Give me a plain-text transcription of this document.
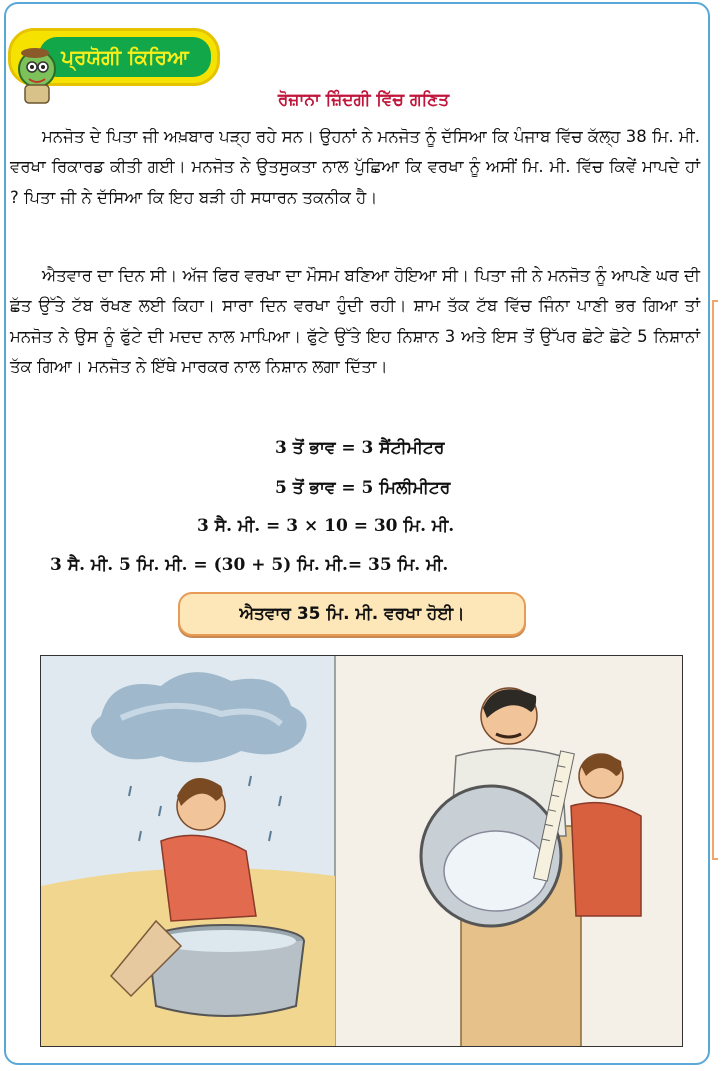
ਪ੍ਰਯੋਗੀ ਕਿਰਿਆ
ਰੋਜ਼ਾਨਾ ਜ਼ਿੰਦਗੀ ਵਿੱਚ ਗਣਿਤ
ਮਨਜੋਤ ਦੇ ਪਿਤਾ ਜੀ ਅਖ਼ਬਾਰ ਪੜ੍ਹ ਰਹੇ ਸਨ। ਉਹਨਾਂ ਨੇ ਮਨਜੋਤ ਨੂੰ ਦੱਸਿਆ ਕਿ ਪੰਜਾਬ ਵਿੱਚ ਕੱਲ੍ਹ 38 ਮਿ. ਮੀ. ਵਰਖਾ ਰਿਕਾਰਡ ਕੀਤੀ ਗਈ। ਮਨਜੋਤ ਨੇ ਉਤਸੁਕਤਾ ਨਾਲ ਪੁੱਛਿਆ ਕਿ ਵਰਖਾ ਨੂੰ ਅਸੀਂ ਮਿ. ਮੀ. ਵਿੱਚ ਕਿਵੇਂ ਮਾਪਦੇ ਹਾਂ ? ਪਿਤਾ ਜੀ ਨੇ ਦੱਸਿਆ ਕਿ ਇਹ ਬੜੀ ਹੀ ਸਧਾਰਨ ਤਕਨੀਕ ਹੈ।
ਐਤਵਾਰ ਦਾ ਦਿਨ ਸੀ। ਅੱਜ ਫਿਰ ਵਰਖਾ ਦਾ ਮੌਸਮ ਬਣਿਆ ਹੋਇਆ ਸੀ। ਪਿਤਾ ਜੀ ਨੇ ਮਨਜੋਤ ਨੂੰ ਆਪਣੇ ਘਰ ਦੀ ਛੱਤ ਉੱਤੇ ਟੱਬ ਰੱਖਣ ਲਈ ਕਿਹਾ। ਸਾਰਾ ਦਿਨ ਵਰਖਾ ਹੁੰਦੀ ਰਹੀ। ਸ਼ਾਮ ਤੱਕ ਟੱਬ ਵਿੱਚ ਜਿੰਨਾ ਪਾਣੀ ਭਰ ਗਿਆ ਤਾਂ ਮਨਜੋਤ ਨੇ ਉਸ ਨੂੰ ਫੁੱਟੇ ਦੀ ਮਦਦ ਨਾਲ ਮਾਪਿਆ। ਫੁੱਟੇ ਉੱਤੇ ਇਹ ਨਿਸ਼ਾਨ 3 ਅਤੇ ਇਸ ਤੋਂ ਉੱਪਰ ਛੋਟੇ ਛੋਟੇ 5 ਨਿਸ਼ਾਨਾਂ ਤੱਕ ਗਿਆ। ਮਨਜੋਤ ਨੇ ਇੱਥੇ ਮਾਰਕਰ ਨਾਲ ਨਿਸ਼ਾਨ ਲਗਾ ਦਿੱਤਾ।
3 ਤੋਂ ਭਾਵ = 3 ਸੈਂਟੀਮੀਟਰ
5 ਤੋਂ ਭਾਵ = 5 ਮਿਲੀਮੀਟਰ
3 ਸੈ. ਮੀ. = 3 × 10 = 30 ਮਿ. ਮੀ.
3 ਸੈ. ਮੀ. 5 ਮਿ. ਮੀ. = (30 + 5) ਮਿ. ਮੀ.= 35 ਮਿ. ਮੀ.
ਐਤਵਾਰ 35 ਮਿ. ਮੀ. ਵਰਖਾ ਹੋਈ।
